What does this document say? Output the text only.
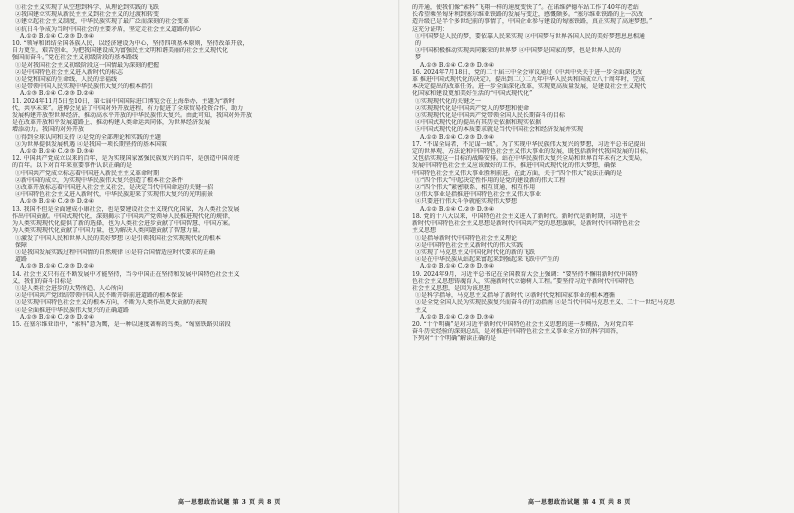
①社会主义实现了从空想到科学、从理论到实践的飞跃
②我国建立实现从新民主主义到社会主义的过渡和转变
③建立起社会主义制度，中华民族实现了最广泛而深刻的社会变革
④抗日斗争成为当时中国社会的主要矛盾，坚定走社会主义道路的信心
A.①② B.①④ C.②③ D.③④
10. “领导和团结全国各族人民，以经济建设为中心，坚持四项基本原则，坚持改革开放，
自力更生，艰苦创业，为把我国建设成为富强民主文明和谐美丽的社会主义现代化
强国而奋斗。”党在社会主义初级阶段的基本路线
①是对我国社会主义初级阶段这一国情最为深刻的把握
②是中国特色社会主义进入新时代的标志
③是党和国家的生命线、人民的幸福线
④是带领中国人民实现中华民族伟大复兴的根本指引
A.①③ B.①④ C.②③ D.②④
11. 2024年11月5日至10日，第七届中国国际进口博览会在上海举办，主题为“新时
代，共享未来”。进博会见证了中国对外开放进程，有力促进了全球贸易投资合作，助力
发展构建开放型世界经济，推动高水平开放的中华民族伟大复兴。由此可知，我国对外开放
是在改革开放和平发展道路上、推动构建人类命运共同体，为世界经济发展
增添动力。我国的对外开放
①得到全球认同和支持 ②是党的全部理论和实践的主题
③为世界提供发展机遇 ④是我国一项长期坚持的基本国策
A.①② B.①④ C.②③ D.③④
12. 中国共产党成立以来的百年，是为实现国家富强民族复兴的百年，是创造中国奇迹
的百年。以下对百年来重要事件认识正确的是
①中国共产党成立标志着中国进入新民主主义革命时期
②新中国的成立，为实现中华民族伟大复兴创造了根本社会条件
③改革开放标志着中国进入社会主义社会，是决定当代中国命运的关键一招
④中国特色社会主义进入新时代，中华民族迎来了实现伟大复兴的光明前景
A.①③ B.①④ C.②③ D.②④
13. 我国不但是全面建成小康社会，也是要建设社会主义现代化国家，为人类社会发展
作出中国贡献。中国式现代化，深刻揭示了中国共产党领导人民推进现代化的规律，
为人类实现现代化提供了新的选择，也为人类社会进步贡献了中国智慧、中国方案。
为人类实现现代化贡献了中国力量，也为解决人类问题贡献了智慧力量。
①激发了中国人民和世界人民的美好梦想 ②是引领我国社会实现现代化的根本
保障
③是我国发展实践过程中国情的自然规律 ④是符合国情适应时代要求的正确
道路
A.①③ B.①④ C.②③ D.②④
14. 社会主义只有在不断发展中才能坚持，当今中国正在坚持和发展中国特色社会主义
义，我们的奋斗目标是
①是人类社会进步的大势所趋、人心所向
②是中国共产党团结带领中国人民不断开辟前进道路的根本保证
③是实现中国特色社会主义的根本方向，不断为人类作出更大贡献的表现
④是全面推进中华民族伟大复兴的正确道路
A.①③ B.①④ C.②③ D.②④
15. 在塞尔维亚语中，“索科”意为鹰，是一种以速度著称的鸟类。“匈塞铁路贝诺段
的开通，使我们像“索科”飞翔一样的速度变快了”。在诺维萨德车站工作了40年的老站
长希望乘坐匈牙利到塞尔维亚铁路的发展与变迁，感慨颇多。“塞尔维亚铁路的上一次改
造升级已是半个多世纪前的事情了，中国企业参与建设的匈塞铁路，真正实现了高速梦想。”
这充分证明：
①中国梦是人民的梦，要依靠人民来实现 ②中国梦与世界各国人民的美好梦想息息相通
的
③中国积极推动实现共同繁荣的世界梦 ④中国梦是国家的梦，也是世界人民的
梦
A.①③ B.①④ C.②③ D.③④
16. 2024年7月18日，党的二十届三中全会审议通过《中共中央关于进一步全面深化改
革 推进中国式现代化的决定》，提出到二〇二九年中华人民共和国成立八十周年时，完成
本决定提出的改革任务。进一步全面深化改革，实现更高质量发展，是建设社会主义现代
化国家和建设更加美好生活的“中国式现代化”
①实现现代化的关键之一
②实现现代化是中国共产党人的梦想和使命
③实现现代化是中国共产党带领全国人民长期奋斗的目标
④中国式现代化的提出有其历史依据和现实依据
⑤中国式现代化的本质要求就是当代中国社会和经济发展并实现
A.①② B.①④ C.②③ D.③④
17. “不谋全局者，不足谋一域”。为了实现中华民族伟大复兴的梦想，习近平总书记提出
定的世界观、方法论和中国特色社会主义伟大事业的发展，既包括新时代我国发展的目标，
又包括实现这一目标的战略安排。站在中华民族伟大复兴全局和世界百年未有之大变局，
发展中国特色社会主义应该做好的工作，推进中国式现代化的伟大梦想，确保
中国特色社会主义伟大事业胜利前进。在此方面，关于“四个伟大”说法正确的是
①“四个伟大”中起决定性作用的是党的建设新的伟大工程
②“四个伟大”紧密联系、相互贯通、相互作用
③伟大事业是指推进中国特色社会主义伟大事业
④只要进行伟大斗争就能实现伟大梦想
A.①② B.①④ C.②③ D.③④
18. 党的十八大以来，中国特色社会主义进入了新时代。新时代是新时期，习近平
新时代中国特色社会主义思想是新时代中国共产党的思想旗帜，是新时代中国特色社会
主义思想
①是指导新时代中国特色社会主义理论
②是中国特色社会主义新时代的伟大实践
③实现了马克思主义中国化时代化的新的飞跃
④是在中华民族从站起来富起来到强起来飞跃中产生的
A.①② B.①④ C.②③ D.③④
19. 2024年9月，习近平总书记在全国教育大会上强调：“要坚持不懈用新时代中国特
色社会主义思想铸魂育人，实施新时代立德树人工程。”要坚持习近平新时代中国特色
社会主义思想，是因为该思想
①是科学指导，马克思主义指导了新时代 ②新时代党和国家事业的根本遵循
③是全党全国人民为实现民族复兴而奋斗的行动指南 ④是当代中国马克思主义、二十一世纪马克思
主义
A.①② B.①④ C.②③ D.③④
20. “十个明确”是对习近平新时代中国特色社会主义思想的进一步概括，为对党百年
奋斗历史经验的深刻总结，是对推进中国特色社会主义事业全方位的科学回答，
下列对“十个明确”解读正确的是
高一思想政治试题 第 3 页 共 8 页	高一思想政治试题 第 4 页 共 8 页
